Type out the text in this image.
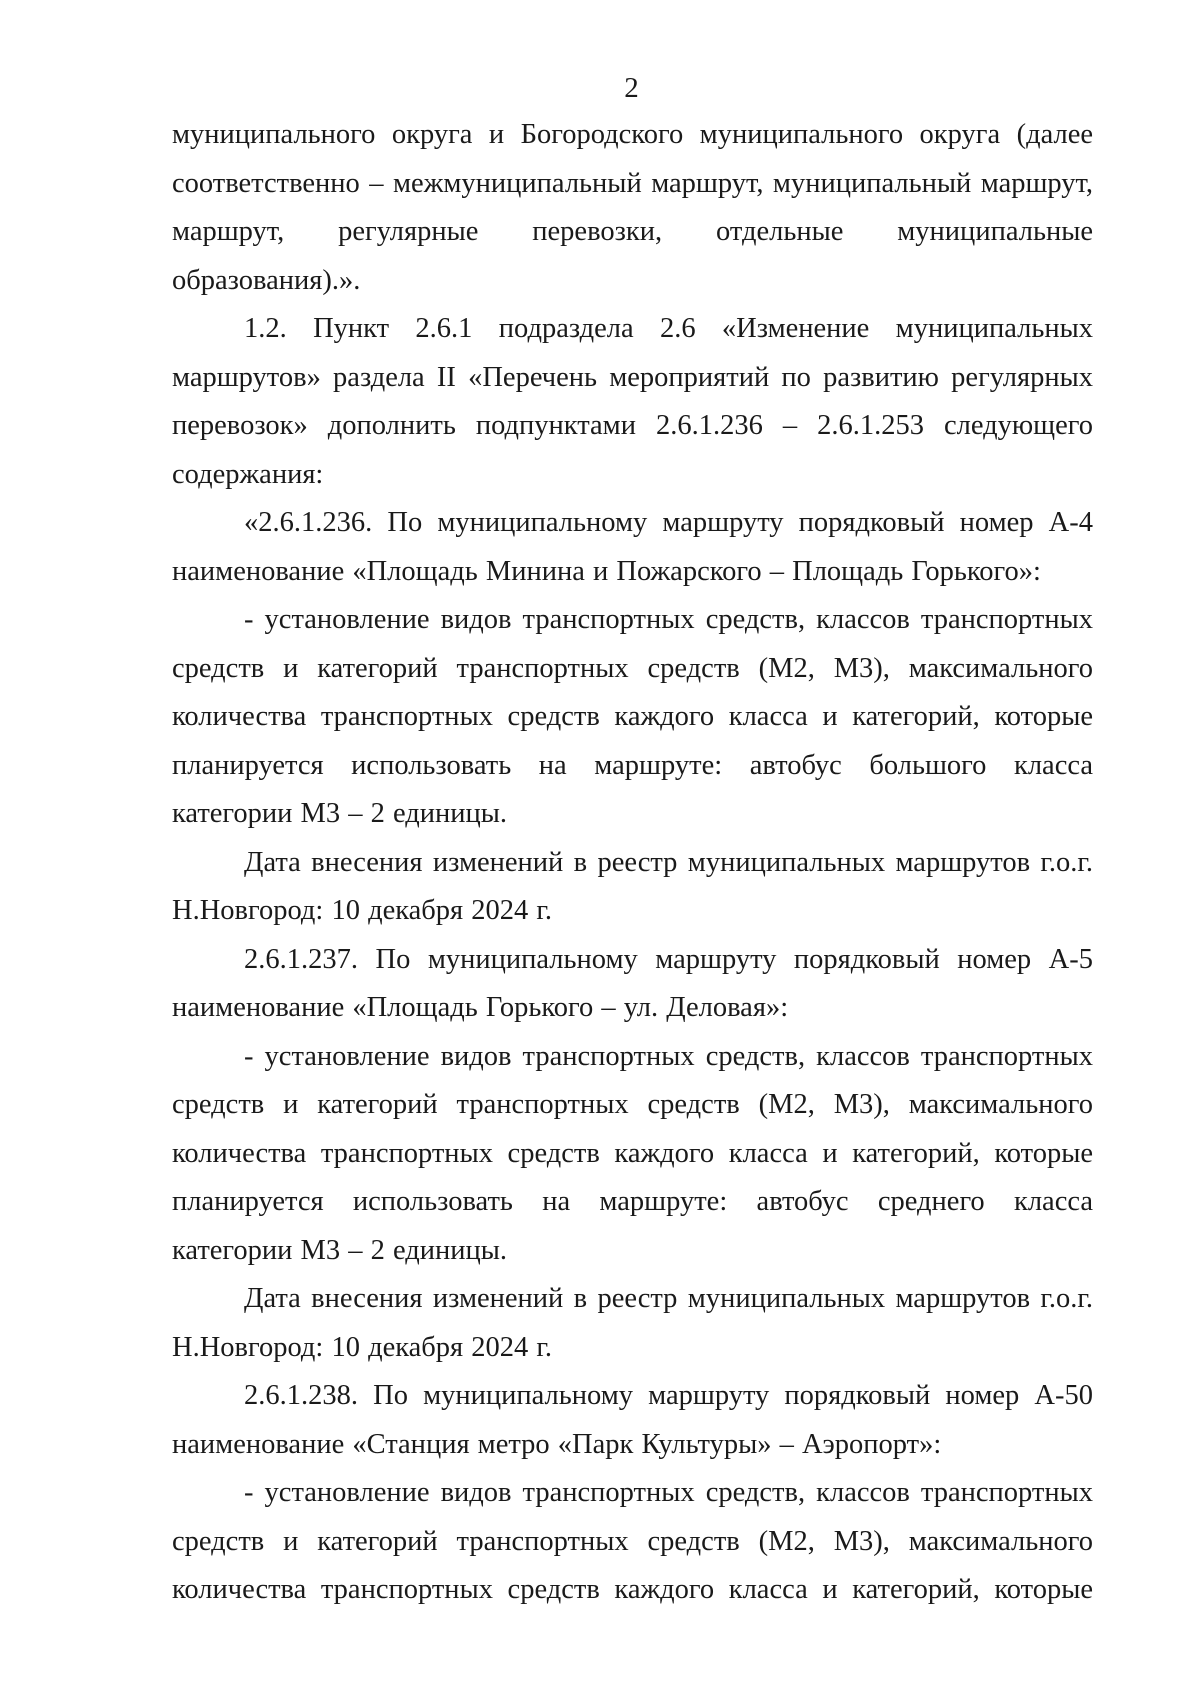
2

муниципального округа и Богородского муниципального округа (далее соответственно – межмуниципальный маршрут, муниципальный маршрут, маршрут, регулярные перевозки, отдельные муниципальные образования).».

1.2. Пункт 2.6.1 подраздела 2.6 «Изменение муниципальных маршрутов» раздела II «Перечень мероприятий по развитию регулярных перевозок» дополнить подпунктами 2.6.1.236 – 2.6.1.253 следующего содержания:

«2.6.1.236. По муниципальному маршруту порядковый номер А-4 наименование «Площадь Минина и Пожарского – Площадь Горького»:

- установление видов транспортных средств, классов транспортных средств и категорий транспортных средств (М2, М3), максимального количества транспортных средств каждого класса и категорий, которые планируется использовать на маршруте: автобус большого класса категории М3 – 2 единицы.

Дата внесения изменений в реестр муниципальных маршрутов г.о.г. Н.Новгород: 10 декабря 2024 г.

2.6.1.237. По муниципальному маршруту порядковый номер А-5 наименование «Площадь Горького – ул. Деловая»:

- установление видов транспортных средств, классов транспортных средств и категорий транспортных средств (М2, М3), максимального количества транспортных средств каждого класса и категорий, которые планируется использовать на маршруте: автобус среднего класса категории М3 – 2 единицы.

Дата внесения изменений в реестр муниципальных маршрутов г.о.г. Н.Новгород: 10 декабря 2024 г.

2.6.1.238. По муниципальному маршруту порядковый номер А-50 наименование «Станция метро «Парк Культуры» – Аэропорт»:

- установление видов транспортных средств, классов транспортных средств и категорий транспортных средств (М2, М3), максимального количества транспортных средств каждого класса и категорий, которые
